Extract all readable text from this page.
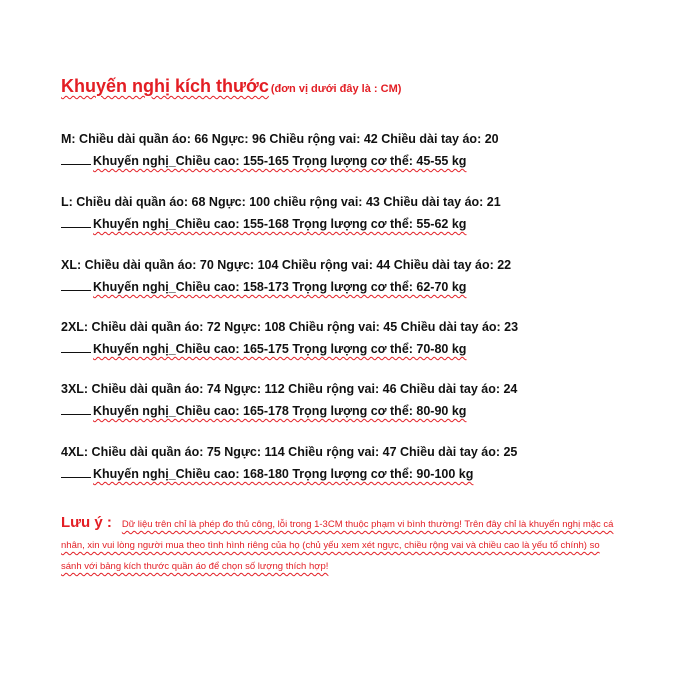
Khuyến nghị kích thước (đơn vị dưới đây là : CM)
M: Chiều dài quần áo: 66 Ngực: 96 Chiều rộng vai: 42 Chiều dài tay áo: 20
Khuyến nghị_Chiều cao: 155-165 Trọng lượng cơ thể: 45-55 kg
L: Chiều dài quần áo: 68 Ngực: 100 chiều rộng vai: 43 Chiều dài tay áo: 21
Khuyến nghị_Chiều cao: 155-168 Trọng lượng cơ thể: 55-62 kg
XL: Chiều dài quần áo: 70 Ngực: 104 Chiều rộng vai: 44 Chiều dài tay áo: 22
Khuyến nghị_Chiều cao: 158-173 Trọng lượng cơ thể: 62-70 kg
2XL: Chiều dài quần áo: 72 Ngực: 108 Chiều rộng vai: 45 Chiều dài tay áo: 23
Khuyến nghị_Chiều cao: 165-175 Trọng lượng cơ thể: 70-80 kg
3XL: Chiều dài quần áo: 74 Ngực: 112 Chiều rộng vai: 46 Chiều dài tay áo: 24
Khuyến nghị_Chiều cao: 165-178 Trọng lượng cơ thể: 80-90 kg
4XL: Chiều dài quần áo: 75 Ngực: 114 Chiều rộng vai: 47 Chiều dài tay áo: 25
Khuyến nghị_Chiều cao: 168-180 Trọng lượng cơ thể: 90-100 kg
Lưu ý : Dữ liệu trên chỉ là phép đo thủ công, lỗi trong 1-3CM thuộc phạm vi bình thường! Trên đây chỉ là khuyến nghị mặc cá nhân, xin vui lòng người mua theo tình hình riêng của họ (chủ yếu xem xét ngực, chiều rộng vai và chiều cao là yếu tố chính) so sánh với bảng kích thước quần áo để chọn số lượng thích hợp!
